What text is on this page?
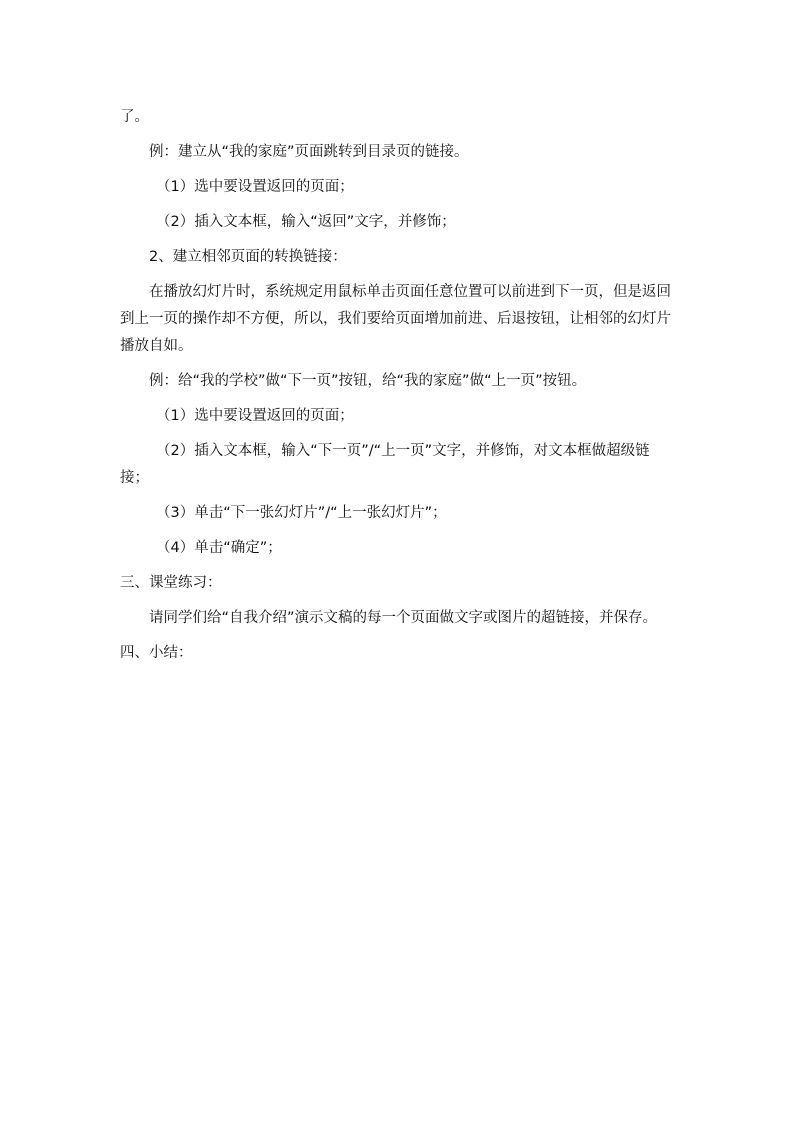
了。

例：建立从“我的家庭”页面跳转到目录页的链接。

（1）选中要设置返回的页面；

（2）插入文本框，输入“返回”文字，并修饰；

2、建立相邻页面的转换链接：

在播放幻灯片时，系统规定用鼠标单击页面任意位置可以前进到下一页，但是返回到上一页的操作却不方便，所以，我们要给页面增加前进、后退按钮，让相邻的幻灯片播放自如。

例：给“我的学校”做“下一页”按钮，给“我的家庭”做“上一页”按钮。

（1）选中要设置返回的页面；

（2）插入文本框，输入“下一页”/“上一页”文字，并修饰，对文本框做超级链接；

（3）单击“下一张幻灯片”/“上一张幻灯片”；

（4）单击“确定”；

三、课堂练习：

请同学们给“自我介绍”演示文稿的每一个页面做文字或图片的超链接，并保存。

四、小结：
